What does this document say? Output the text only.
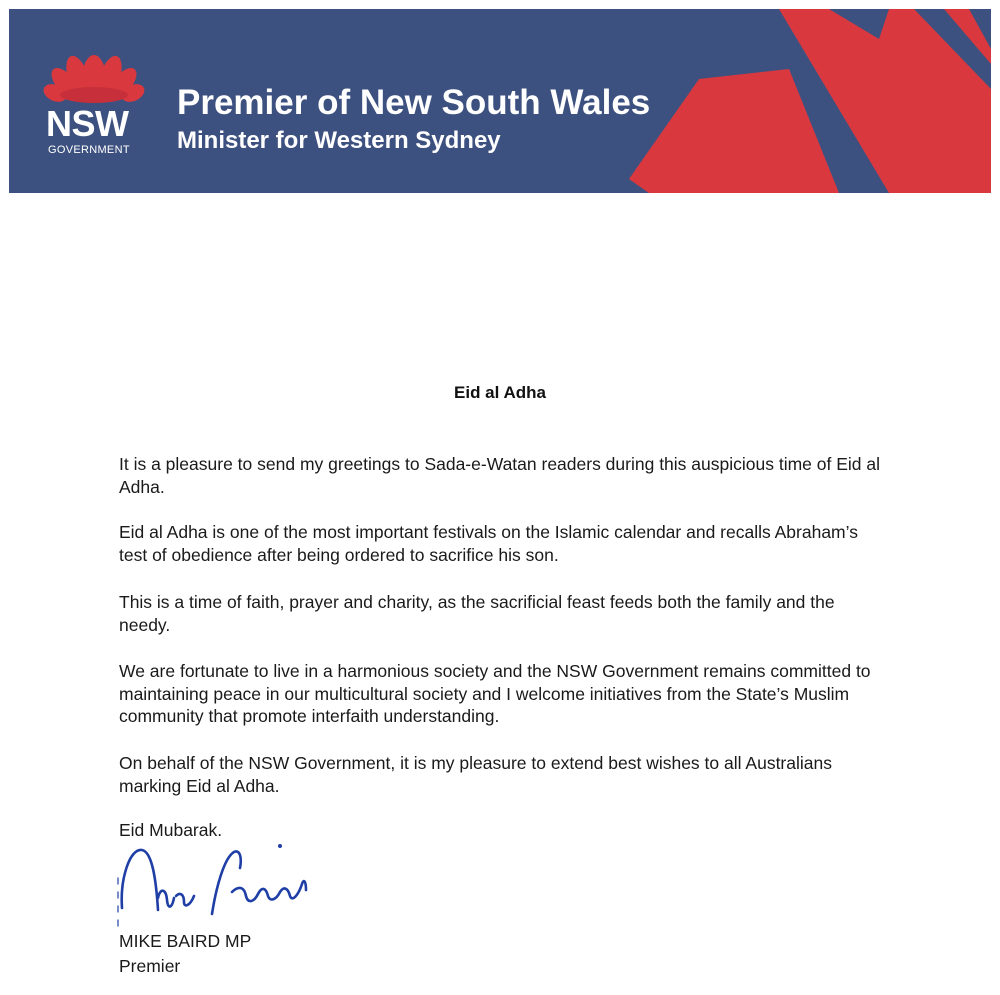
NSW
GOVERNMENT
Premier of New South Wales
Minister for Western Sydney
Eid al Adha

It is a pleasure to send my greetings to Sada-e-Watan readers during this auspicious time of Eid al Adha.

Eid al Adha is one of the most important festivals on the Islamic calendar and recalls Abraham’s test of obedience after being ordered to sacrifice his son.

This is a time of faith, prayer and charity, as the sacrificial feast feeds both the family and the needy.

We are fortunate to live in a harmonious society and the NSW Government remains committed to maintaining peace in our multicultural society and I welcome initiatives from the State’s Muslim community that promote interfaith understanding.

On behalf of the NSW Government, it is my pleasure to extend best wishes to all Australians marking Eid al Adha.

Eid Mubarak.
MIKE BAIRD MP
Premier
